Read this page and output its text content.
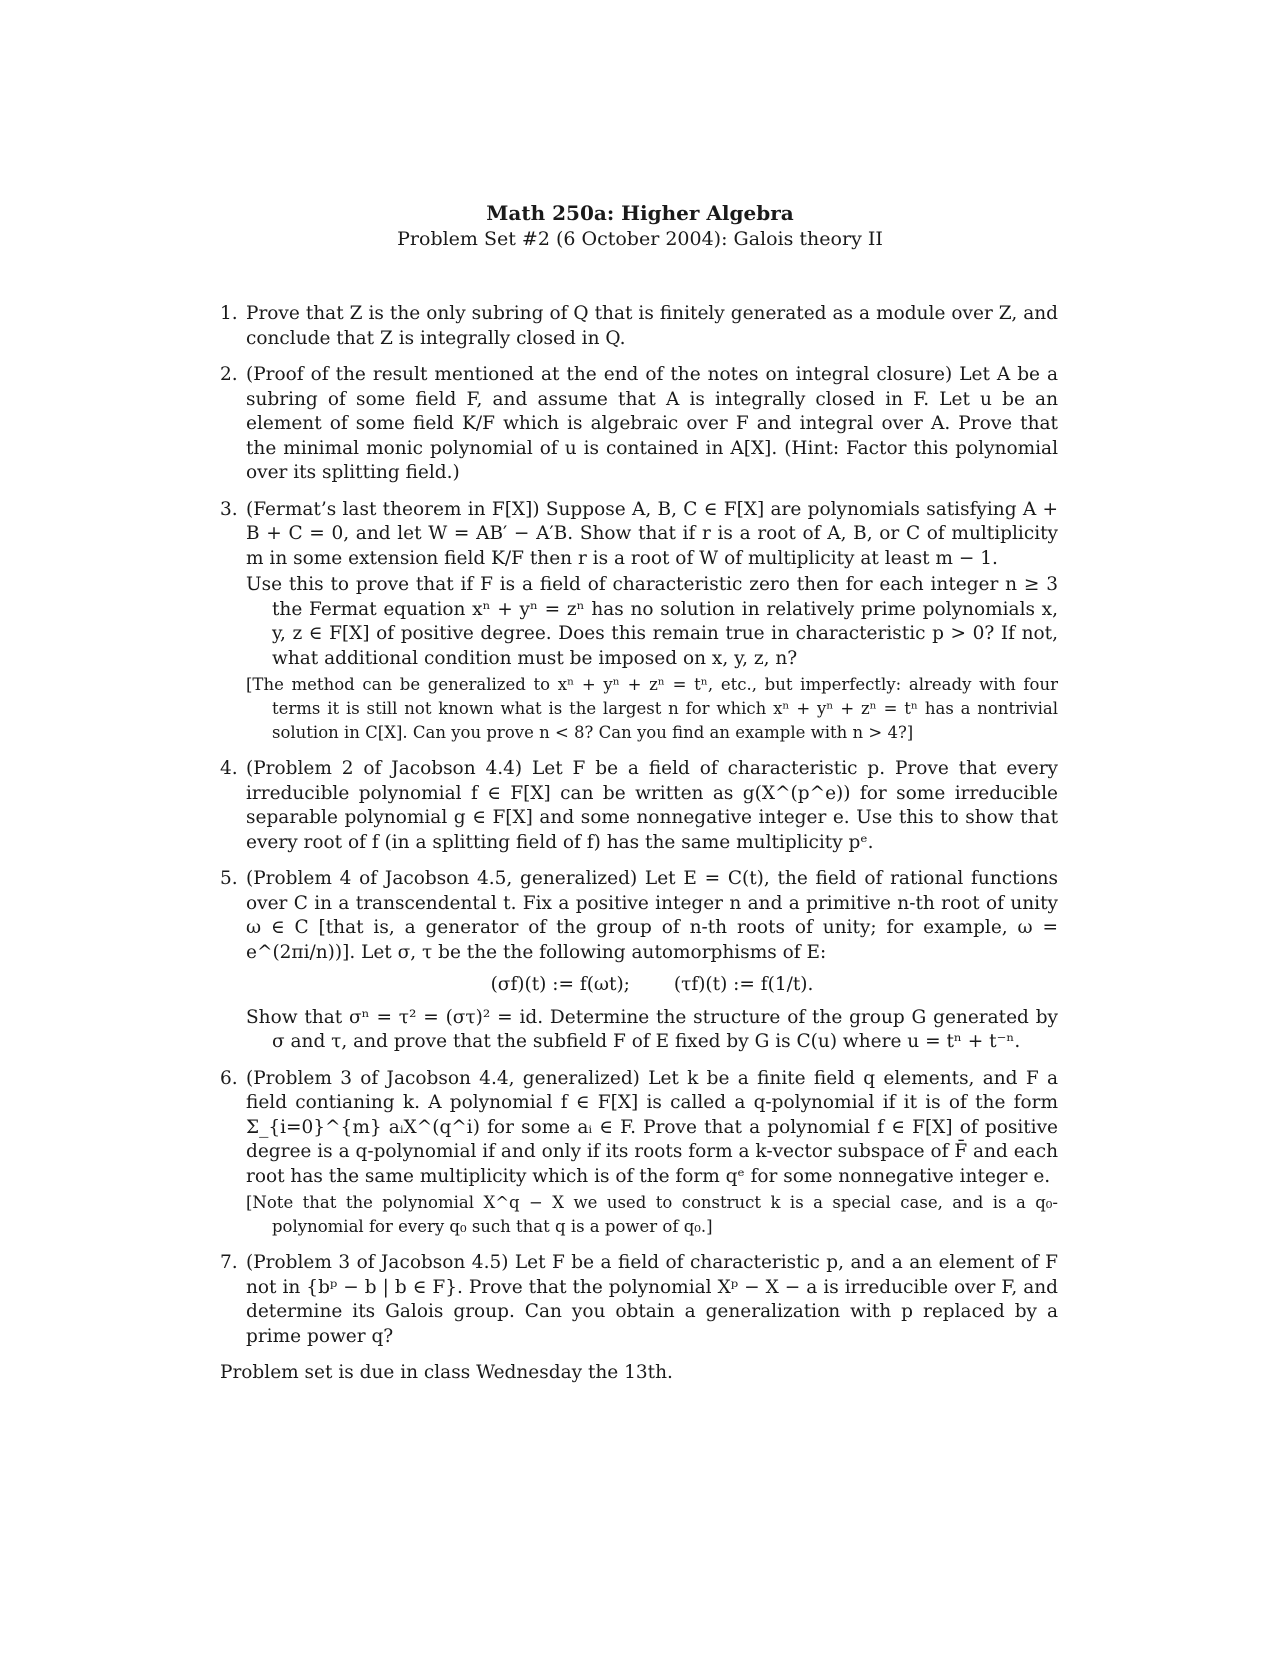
Math 250a: Higher Algebra
Problem Set #2 (6 October 2004): Galois theory II
1. Prove that Z is the only subring of Q that is finitely generated as a module over Z, and conclude that Z is integrally closed in Q.
2. (Proof of the result mentioned at the end of the notes on integral closure) Let A be a subring of some field F, and assume that A is integrally closed in F. Let u be an element of some field K/F which is algebraic over F and integral over A. Prove that the minimal monic polynomial of u is contained in A[X]. (Hint: Factor this polynomial over its splitting field.)
3. (Fermat’s last theorem in F[X]) Suppose A, B, C ∈ F[X] are polynomials satisfying A + B + C = 0, and let W = AB′ − A′B. Show that if r is a root of A, B, or C of multiplicity m in some extension field K/F then r is a root of W of multiplicity at least m − 1.
Use this to prove that if F is a field of characteristic zero then for each integer n ≥ 3 the Fermat equation xⁿ + yⁿ = zⁿ has no solution in relatively prime polynomials x, y, z ∈ F[X] of positive degree. Does this remain true in characteristic p > 0? If not, what additional condition must be imposed on x, y, z, n?
[The method can be generalized to xⁿ + yⁿ + zⁿ = tⁿ, etc., but imperfectly: already with four terms it is still not known what is the largest n for which xⁿ + yⁿ + zⁿ = tⁿ has a nontrivial solution in C[X]. Can you prove n < 8? Can you find an example with n > 4?]
4. (Problem 2 of Jacobson 4.4) Let F be a field of characteristic p. Prove that every irreducible polynomial f ∈ F[X] can be written as g(X^(p^e)) for some irreducible separable polynomial g ∈ F[X] and some nonnegative integer e. Use this to show that every root of f (in a splitting field of f) has the same multiplicity pᵉ.
5. (Problem 4 of Jacobson 4.5, generalized) Let E = C(t), the field of rational functions over C in a transcendental t. Fix a positive integer n and a primitive n-th root of unity ω ∈ C [that is, a generator of the group of n-th roots of unity; for example, ω = e^(2πi/n))]. Let σ, τ be the the following automorphisms of E:
(σf)(t) := f(ωt); (τf)(t) := f(1/t).
Show that σⁿ = τ² = (στ)² = id. Determine the structure of the group G generated by σ and τ, and prove that the subfield F of E fixed by G is C(u) where u = tⁿ + t⁻ⁿ.
6. (Problem 3 of Jacobson 4.4, generalized) Let k be a finite field q elements, and F a field contianing k. A polynomial f ∈ F[X] is called a q-polynomial if it is of the form Σ_{i=0}^{m} aᵢX^(q^i) for some aᵢ ∈ F. Prove that a polynomial f ∈ F[X] of positive degree is a q-polynomial if and only if its roots form a k-vector subspace of F̄ and each root has the same multiplicity which is of the form qᵉ for some nonnegative integer e.
[Note that the polynomial X^q − X we used to construct k is a special case, and is a q₀-polynomial for every q₀ such that q is a power of q₀.]
7. (Problem 3 of Jacobson 4.5) Let F be a field of characteristic p, and a an element of F not in {bᵖ − b | b ∈ F}. Prove that the polynomial Xᵖ − X − a is irreducible over F, and determine its Galois group. Can you obtain a generalization with p replaced by a prime power q?
Problem set is due in class Wednesday the 13th.
